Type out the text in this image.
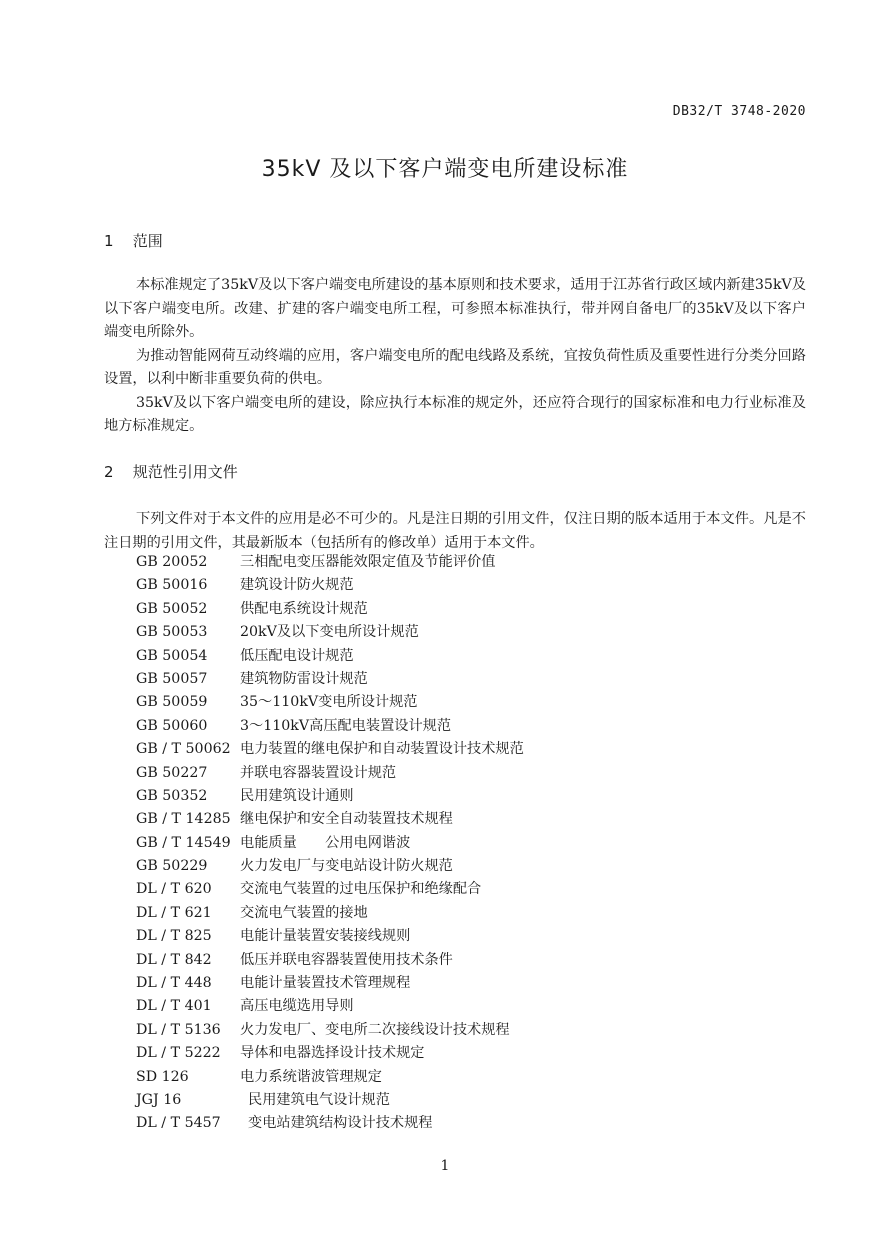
DB32/T 3748-2020
35kV 及以下客户端变电所建设标准
1 范围

本标准规定了35kV及以下客户端变电所建设的基本原则和技术要求，适用于江苏省行政区域内新建35kV及以下客户端变电所。改建、扩建的客户端变电所工程，可参照本标准执行，带并网自备电厂的35kV及以下客户端变电所除外。

为推动智能网荷互动终端的应用，客户端变电所的配电线路及系统，宜按负荷性质及重要性进行分类分回路设置，以利中断非重要负荷的供电。

35kV及以下客户端变电所的建设，除应执行本标准的规定外，还应符合现行的国家标准和电力行业标准及地方标准规定。

2 规范性引用文件

下列文件对于本文件的应用是必不可少的。凡是注日期的引用文件，仅注日期的版本适用于本文件。凡是不注日期的引用文件，其最新版本（包括所有的修改单）适用于本文件。

GB 20052 三相配电变压器能效限定值及节能评价值
GB 50016 建筑设计防火规范
GB 50052 供配电系统设计规范
GB 50053 20kV及以下变电所设计规范
GB 50054 低压配电设计规范
GB 50057 建筑物防雷设计规范
GB 50059 35～110kV变电所设计规范
GB 50060 3～110kV高压配电装置设计规范
GB / T 50062 电力装置的继电保护和自动装置设计技术规范
GB 50227 并联电容器装置设计规范
GB 50352 民用建筑设计通则
GB / T 14285 继电保护和安全自动装置技术规程
GB / T 14549 电能质量　　公用电网谐波
GB 50229 火力发电厂与变电站设计防火规范
DL / T 620 交流电气装置的过电压保护和绝缘配合
DL / T 621 交流电气装置的接地
DL / T 825 电能计量装置安装接线规则
DL / T 842 低压并联电容器装置使用技术条件
DL / T 448 电能计量装置技术管理规程
DL / T 401 高压电缆选用导则
DL / T 5136 火力发电厂、变电所二次接线设计技术规程
DL / T 5222 导体和电器选择设计技术规定
SD 126	电力系统谐波管理规定
JGJ 16	民用建筑电气设计规范
DL / T 5457 变电站建筑结构设计技术规程
1
